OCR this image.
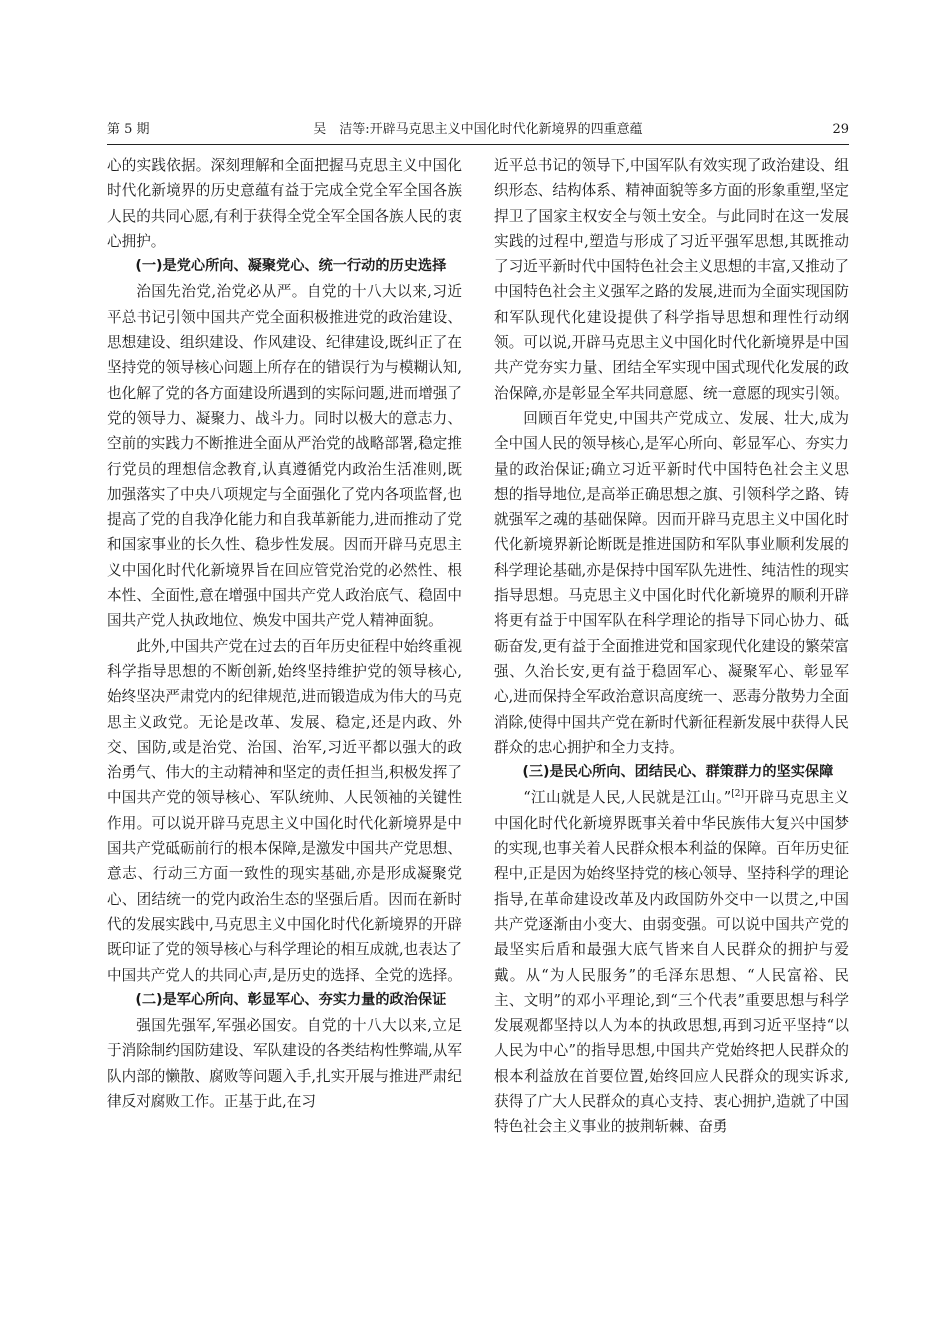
第 5 期	吴　洁等:开辟马克思主义中国化时代化新境界的四重意蕴	29

心的实践依据。深刻理解和全面把握马克思主义中国化时代化新境界的历史意蕴有益于完成全党全军全国各族人民的共同心愿,有利于获得全党全军全国各族人民的衷心拥护。

(一)是党心所向、凝聚党心、统一行动的历史选择

治国先治党,治党必从严。自党的十八大以来,习近平总书记引领中国共产党全面积极推进党的政治建设、思想建设、组织建设、作风建设、纪律建设,既纠正了在坚持党的领导核心问题上所存在的错误行为与模糊认知,也化解了党的各方面建设所遇到的实际问题,进而增强了党的领导力、凝聚力、战斗力。同时以极大的意志力、空前的实践力不断推进全面从严治党的战略部署,稳定推行党员的理想信念教育,认真遵循党内政治生活准则,既加强落实了中央八项规定与全面强化了党内各项监督,也提高了党的自我净化能力和自我革新能力,进而推动了党和国家事业的长久性、稳步性发展。因而开辟马克思主义中国化时代化新境界旨在回应管党治党的必然性、根本性、全面性,意在增强中国共产党人政治底气、稳固中国共产党人执政地位、焕发中国共产党人精神面貌。

此外,中国共产党在过去的百年历史征程中始终重视科学指导思想的不断创新,始终坚持维护党的领导核心,始终坚决严肃党内的纪律规范,进而锻造成为伟大的马克思主义政党。无论是改革、发展、稳定,还是内政、外交、国防,或是治党、治国、治军,习近平都以强大的政治勇气、伟大的主动精神和坚定的责任担当,积极发挥了中国共产党的领导核心、军队统帅、人民领袖的关键性作用。可以说开辟马克思主义中国化时代化新境界是中国共产党砥砺前行的根本保障,是激发中国共产党思想、意志、行动三方面一致性的现实基础,亦是形成凝聚党心、团结统一的党内政治生态的坚强后盾。因而在新时代的发展实践中,马克思主义中国化时代化新境界的开辟既印证了党的领导核心与科学理论的相互成就,也表达了中国共产党人的共同心声,是历史的选择、全党的选择。

(二)是军心所向、彰显军心、夯实力量的政治保证

强国先强军,军强必国安。自党的十八大以来,立足于消除制约国防建设、军队建设的各类结构性弊端,从军队内部的懒散、腐败等问题入手,扎实开展与推进严肃纪律反对腐败工作。正基于此,在习

近平总书记的领导下,中国军队有效实现了政治建设、组织形态、结构体系、精神面貌等多方面的形象重塑,坚定捍卫了国家主权安全与领土安全。与此同时在这一发展实践的过程中,塑造与形成了习近平强军思想,其既推动了习近平新时代中国特色社会主义思想的丰富,又推动了中国特色社会主义强军之路的发展,进而为全面实现国防和军队现代化建设提供了科学指导思想和理性行动纲领。可以说,开辟马克思主义中国化时代化新境界是中国共产党夯实力量、团结全军实现中国式现代化发展的政治保障,亦是彰显全军共同意愿、统一意愿的现实引领。

回顾百年党史,中国共产党成立、发展、壮大,成为全中国人民的领导核心,是军心所向、彰显军心、夯实力量的政治保证;确立习近平新时代中国特色社会主义思想的指导地位,是高举正确思想之旗、引领科学之路、铸就强军之魂的基础保障。因而开辟马克思主义中国化时代化新境界新论断既是推进国防和军队事业顺利发展的科学理论基础,亦是保持中国军队先进性、纯洁性的现实指导思想。马克思主义中国化时代化新境界的顺利开辟将更有益于中国军队在科学理论的指导下同心协力、砥砺奋发,更有益于全面推进党和国家现代化建设的繁荣富强、久治长安,更有益于稳固军心、凝聚军心、彰显军心,进而保持全军政治意识高度统一、恶毒分散势力全面消除,使得中国共产党在新时代新征程新发展中获得人民群众的忠心拥护和全力支持。

(三)是民心所向、团结民心、群策群力的坚实保障

“江山就是人民,人民就是江山。”[2]开辟马克思主义中国化时代化新境界既事关着中华民族伟大复兴中国梦的实现,也事关着人民群众根本利益的保障。百年历史征程中,正是因为始终坚持党的核心领导、坚持科学的理论指导,在革命建设改革及内政国防外交中一以贯之,中国共产党逐渐由小变大、由弱变强。可以说中国共产党的最坚实后盾和最强大底气皆来自人民群众的拥护与爱戴。从“为人民服务”的毛泽东思想、“人民富裕、民主、文明”的邓小平理论,到“三个代表”重要思想与科学发展观都坚持以人为本的执政思想,再到习近平坚持“以人民为中心”的指导思想,中国共产党始终把人民群众的根本利益放在首要位置,始终回应人民群众的现实诉求,获得了广大人民群众的真心支持、衷心拥护,造就了中国特色社会主义事业的披荆斩棘、奋勇
